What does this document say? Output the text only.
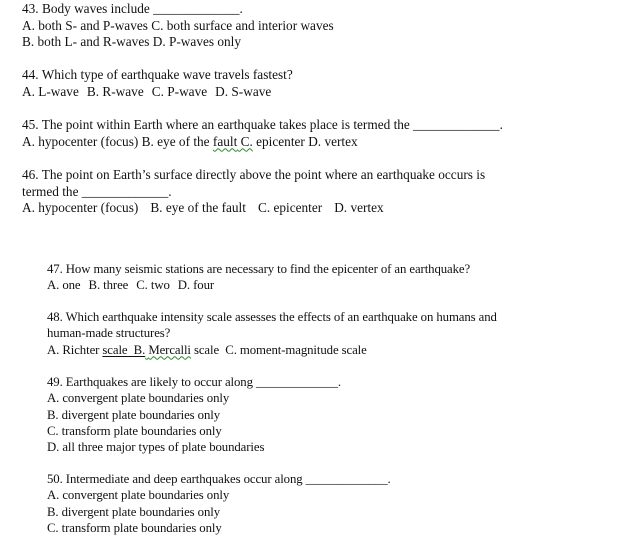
43. Body waves include _____________.
A. both S- and P-waves C. both surface and interior waves
B. both L- and R-waves D. P-waves only
44. Which type of earthquake wave travels fastest?
A. L-wave B. R-wave C. P-wave D. S-wave
45. The point within Earth where an earthquake takes place is termed the _____________.
A. hypocenter (focus) B. eye of the fault C. epicenter D. vertex
46. The point on Earth’s surface directly above the point where an earthquake occurs is
termed the _____________.
A. hypocenter (focus) B. eye of the fault C. epicenter D. vertex
47. How many seismic stations are necessary to find the epicenter of an earthquake?
A. one B. three C. two D. four
48. Which earthquake intensity scale assesses the effects of an earthquake on humans and
human-made structures?
A. Richter scale  B. Mercalli scale C. moment-magnitude scale
49. Earthquakes are likely to occur along _____________.
A. convergent plate boundaries only
B. divergent plate boundaries only
C. transform plate boundaries only
D. all three major types of plate boundaries
50. Intermediate and deep earthquakes occur along _____________.
A. convergent plate boundaries only
B. divergent plate boundaries only
C. transform plate boundaries only
